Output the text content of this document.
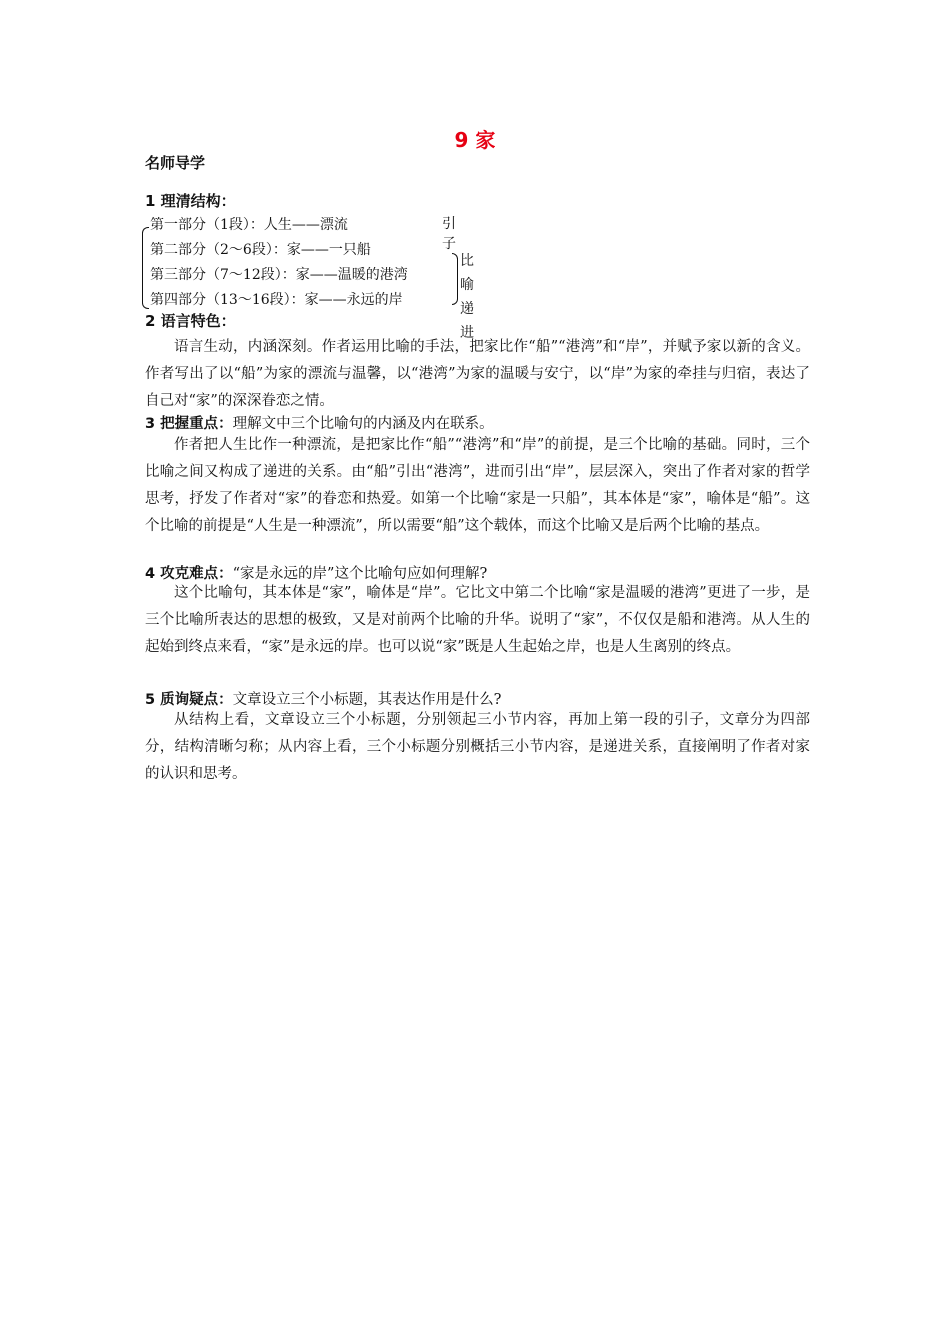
9 家
名师导学
1 理清结构：
第一部分（1段）：人生——漂流
第二部分（2～6段）：家——一只船
第三部分（7～12段）：家——温暖的港湾
第四部分（13～16段）：家——永远的岸
引子
比喻
递进
2 语言特色：

语言生动，内涵深刻。作者运用比喻的手法，把家比作“船”“港湾”和“岸”，并赋予家以新的含义。作者写出了以“船”为家的漂流与温馨，以“港湾”为家的温暖与安宁，以“岸”为家的牵挂与归宿，表达了自己对“家”的深深眷恋之情。

3 把握重点：理解文中三个比喻句的内涵及内在联系。

作者把人生比作一种漂流，是把家比作“船”“港湾”和“岸”的前提，是三个比喻的基础。同时，三个比喻之间又构成了递进的关系。由“船”引出“港湾”，进而引出“岸”，层层深入，突出了作者对家的哲学思考，抒发了作者对“家”的眷恋和热爱。如第一个比喻“家是一只船”，其本体是“家”，喻体是“船”。这个比喻的前提是“人生是一种漂流”，所以需要“船”这个载体，而这个比喻又是后两个比喻的基点。

4 攻克难点：“家是永远的岸”这个比喻句应如何理解?

这个比喻句，其本体是“家”，喻体是“岸”。它比文中第二个比喻“家是温暖的港湾”更进了一步，是三个比喻所表达的思想的极致，又是对前两个比喻的升华。说明了“家”，不仅仅是船和港湾。从人生的起始到终点来看，“家”是永远的岸。也可以说“家”既是人生起始之岸，也是人生离别的终点。

5 质询疑点：文章设立三个小标题，其表达作用是什么?

从结构上看，文章设立三个小标题，分别领起三小节内容，再加上第一段的引子，文章分为四部分，结构清晰匀称；从内容上看，三个小标题分别概括三小节内容，是递进关系，直接阐明了作者对家的认识和思考。
